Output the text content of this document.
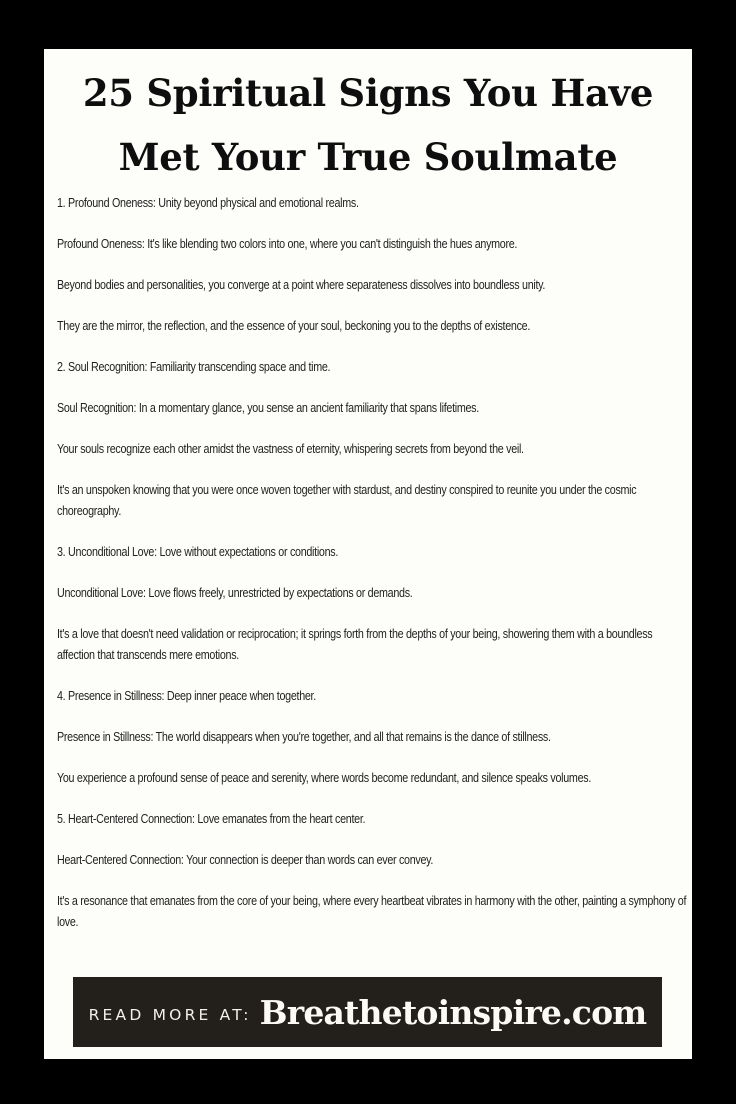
25 Spiritual Signs You Have
Met Your True Soulmate

1. Profound Oneness: Unity beyond physical and emotional realms.

Profound Oneness: It's like blending two colors into one, where you can't distinguish the hues anymore.

Beyond bodies and personalities, you converge at a point where separateness dissolves into boundless unity.

They are the mirror, the reflection, and the essence of your soul, beckoning you to the depths of existence.

2. Soul Recognition: Familiarity transcending space and time.

Soul Recognition: In a momentary glance, you sense an ancient familiarity that spans lifetimes.

Your souls recognize each other amidst the vastness of eternity, whispering secrets from beyond the veil.

It's an unspoken knowing that you were once woven together with stardust, and destiny conspired to reunite you under the cosmic choreography.

3. Unconditional Love: Love without expectations or conditions.

Unconditional Love: Love flows freely, unrestricted by expectations or demands.

It's a love that doesn't need validation or reciprocation; it springs forth from the depths of your being, showering them with a boundless affection that transcends mere emotions.

4. Presence in Stillness: Deep inner peace when together.

Presence in Stillness: The world disappears when you're together, and all that remains is the dance of stillness.

You experience a profound sense of peace and serenity, where words become redundant, and silence speaks volumes.

5. Heart-Centered Connection: Love emanates from the heart center.

Heart-Centered Connection: Your connection is deeper than words can ever convey.

It's a resonance that emanates from the core of your being, where every heartbeat vibrates in harmony with the other, painting a symphony of love.

READ MORE AT: Breathetoinspire.com
